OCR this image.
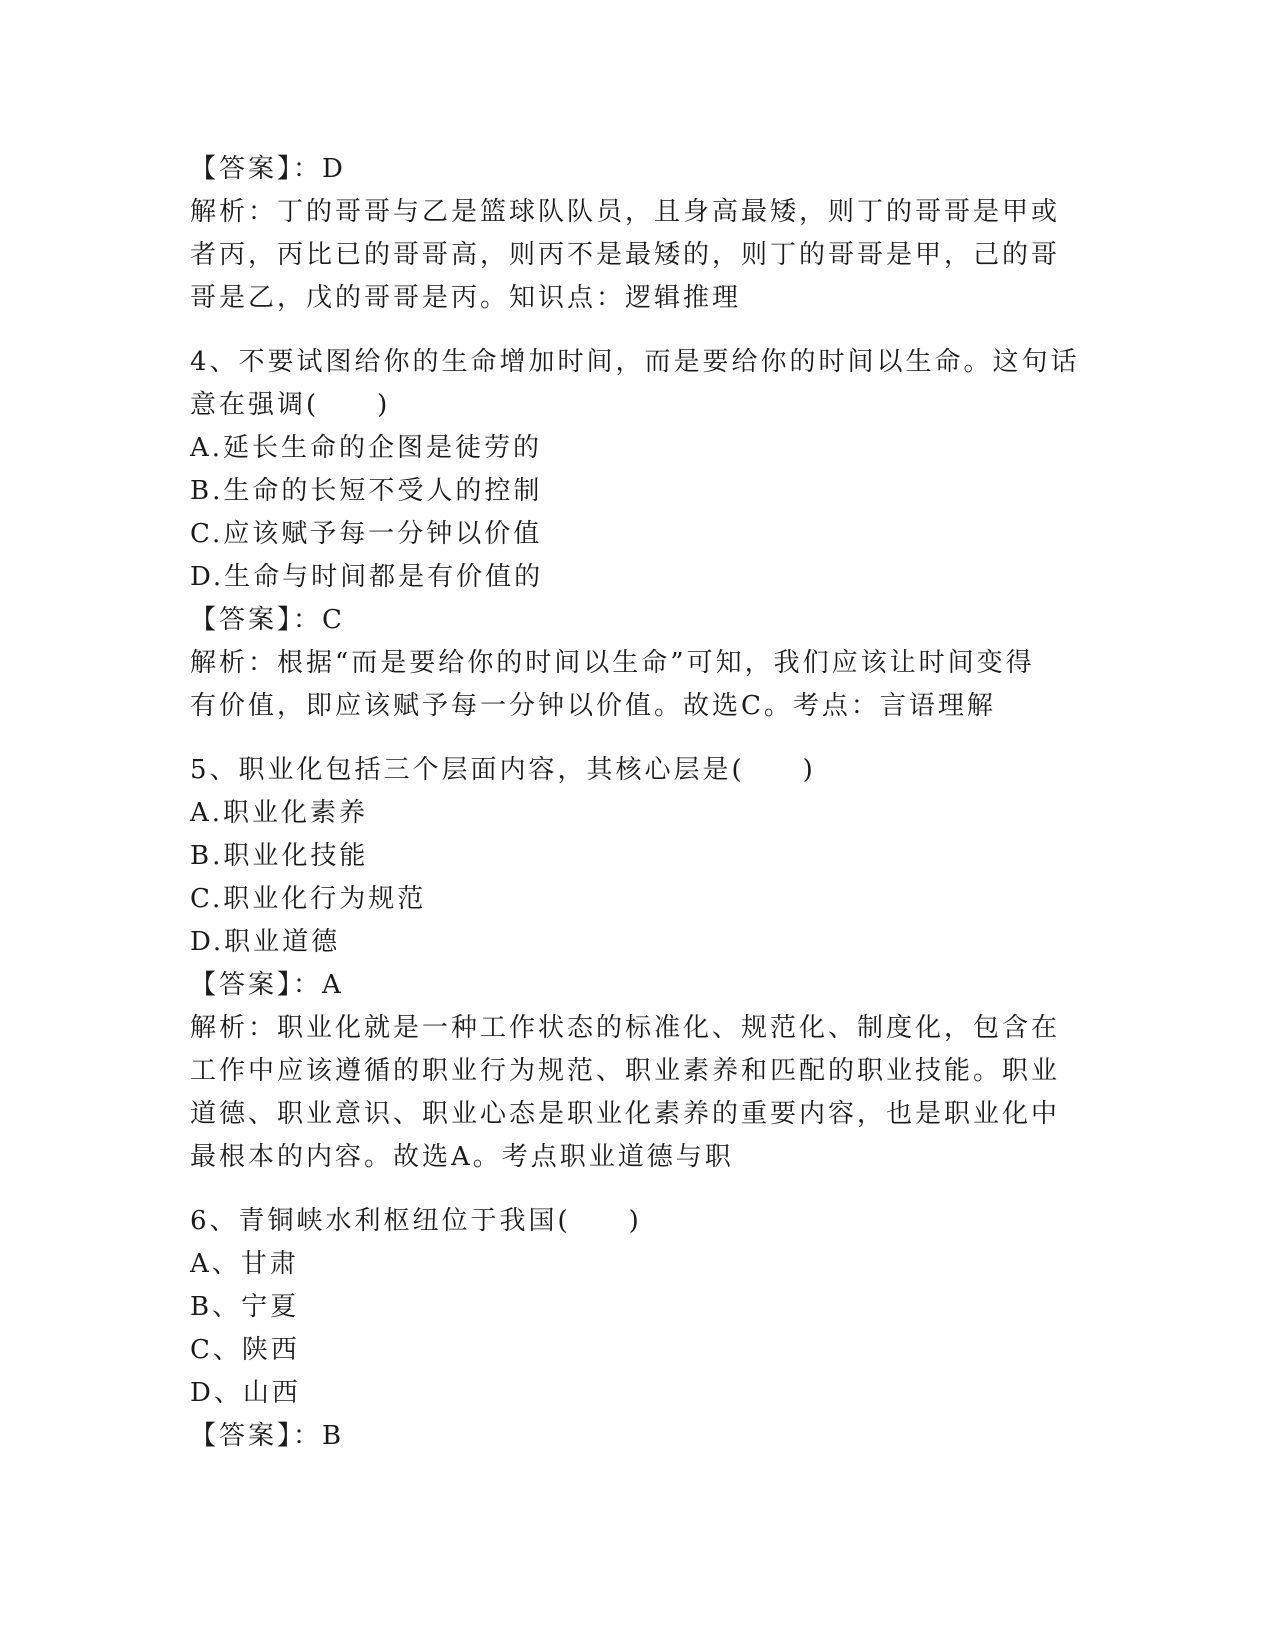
【答案】：D
解析：丁的哥哥与乙是篮球队队员，且身高最矮，则丁的哥哥是甲或
者丙，丙比已的哥哥高，则丙不是最矮的，则丁的哥哥是甲，己的哥
哥是乙，戊的哥哥是丙。知识点：逻辑推理
4、不要试图给你的生命增加时间，而是要给你的时间以生命。这句话
意在强调(　　)
A.延长生命的企图是徒劳的
B.生命的长短不受人的控制
C.应该赋予每一分钟以价值
D.生命与时间都是有价值的
【答案】：C
解析：根据“而是要给你的时间以生命”可知，我们应该让时间变得
有价值，即应该赋予每一分钟以价值。故选C。考点：言语理解
5、职业化包括三个层面内容，其核心层是(　　)
A.职业化素养
B.职业化技能
C.职业化行为规范
D.职业道德
【答案】：A
解析：职业化就是一种工作状态的标准化、规范化、制度化，包含在
工作中应该遵循的职业行为规范、职业素养和匹配的职业技能。职业
道德、职业意识、职业心态是职业化素养的重要内容，也是职业化中
最根本的内容。故选A。考点职业道德与职
6、青铜峡水利枢纽位于我国(　　)
A、甘肃
B、宁夏
C、陕西
D、山西
【答案】：B
